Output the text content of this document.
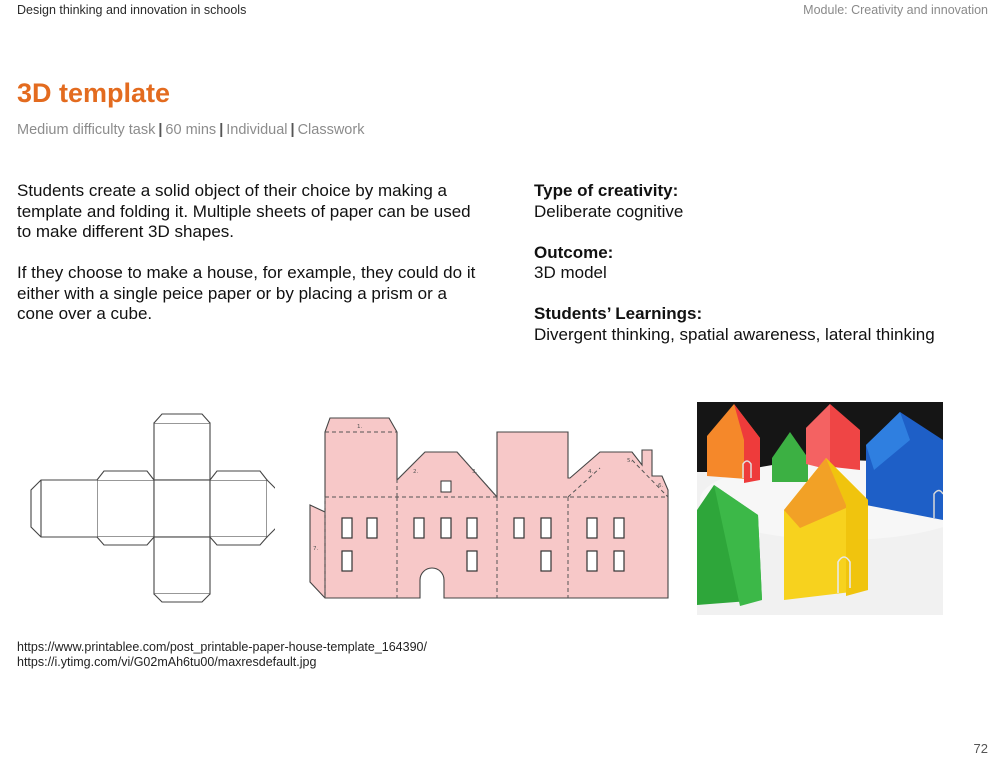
Design thinking and innovation in schools	Module: Creativity and innovation
3D template
Medium difficulty task | 60 mins | Individual | Classwork

Students create a solid object of their choice by making a template and folding it. Multiple sheets of paper can be used to make different 3D shapes.

If they choose to make a house, for example, they could do it either with a single peice paper or by placing a prism or a cone over a cube.

Type of creativity:
Deliberate cognitive
Outcome:
3D model
Students’ Learnings:
Divergent thinking, spatial awareness, lateral thinking
1.
2.	3.	4.
5.
6.
7.
https://www.printablee.com/post_printable-paper-house-template_164390/
https://i.ytimg.com/vi/G02mAh6tu00/maxresdefault.jpg
72
